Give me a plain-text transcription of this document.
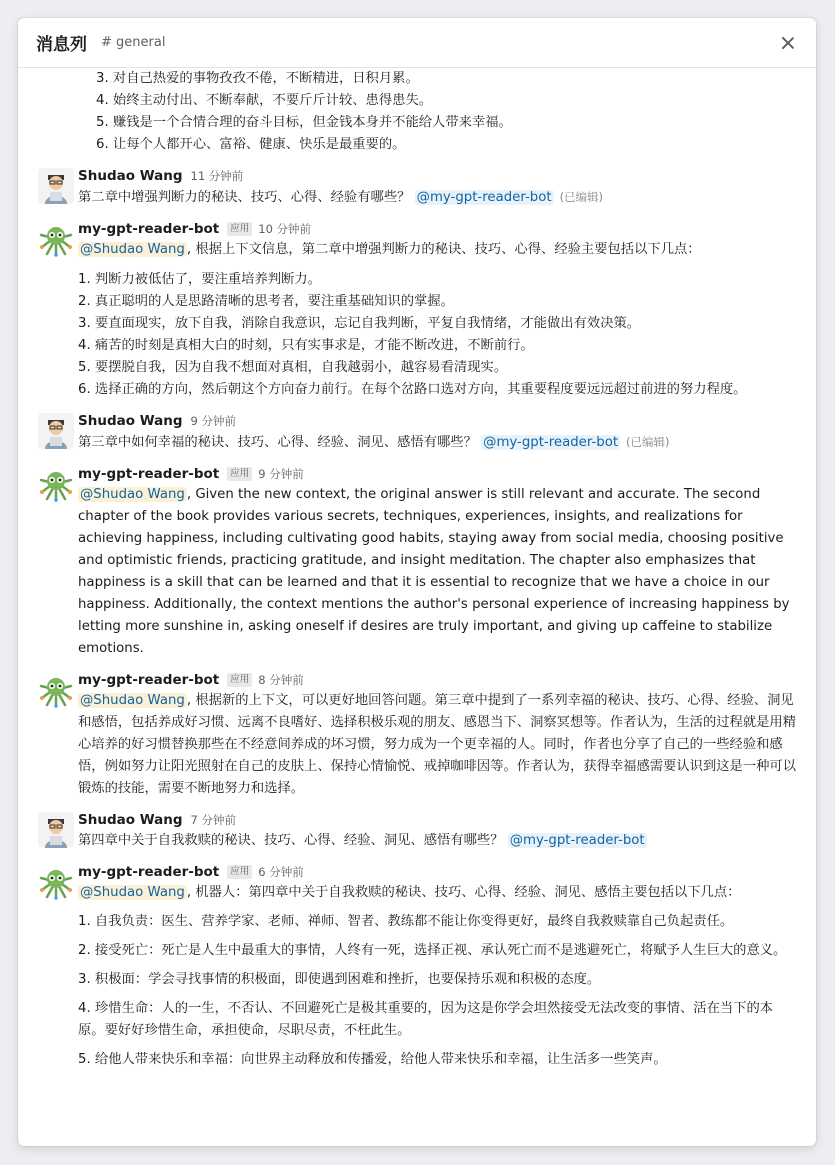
消息列 # general
3. 对自己热爱的事物孜孜不倦，不断精进，日积月累。
4. 始终主动付出、不断奉献，不要斤斤计较、患得患失。
5. 赚钱是一个合情合理的奋斗目标，但金钱本身并不能给人带来幸福。
6. 让每个人都开心、富裕、健康、快乐是最重要的。
Shudao Wang 11 分钟前
第二章中增强判断力的秘诀、技巧、心得、经验有哪些？ @my-gpt-reader-bot (已编辑)
my-gpt-reader-bot	应用 10 分钟前
@Shudao Wang , 根据上下文信息，第二章中增强判断力的秘诀、技巧、心得、经验主要包括以下几点：
1. 判断力被低估了，要注重培养判断力。
2. 真正聪明的人是思路清晰的思考者，要注重基础知识的掌握。
3. 要直面现实，放下自我，消除自我意识，忘记自我判断，平复自我情绪，才能做出有效决策。
4. 痛苦的时刻是真相大白的时刻，只有实事求是，才能不断改进，不断前行。
5. 要摆脱自我，因为自我不想面对真相，自我越弱小，越容易看清现实。
6. 选择正确的方向，然后朝这个方向奋力前行。在每个岔路口选对方向，其重要程度要远远超过前进的努力程度。
Shudao Wang 9 分钟前
第三章中如何幸福的秘诀、技巧、心得、经验、洞见、感悟有哪些？ @my-gpt-reader-bot (已编辑)
my-gpt-reader-bot	应用 9 分钟前
@Shudao Wang , Given the new context, the original answer is still relevant and accurate. The second chapter of the book provides various secrets, techniques, experiences, insights, and realizations for achieving happiness, including cultivating good habits, staying away from social media, choosing positive and optimistic friends, practicing gratitude, and insight meditation. The chapter also emphasizes that happiness is a skill that can be learned and that it is essential to recognize that we have a choice in our happiness. Additionally, the context mentions the author's personal experience of increasing happiness by letting more sunshine in, asking oneself if desires are truly important, and giving up caffeine to stabilize emotions.
my-gpt-reader-bot	应用 8 分钟前
@Shudao Wang , 根据新的上下文，可以更好地回答问题。第三章中提到了一系列幸福的秘诀、技巧、心得、经验、洞见和感悟，包括养成好习惯、远离不良嗜好、选择积极乐观的朋友、感恩当下、洞察冥想等。作者认为，生活的过程就是用精心培养的好习惯替换那些在不经意间养成的坏习惯，努力成为一个更幸福的人。同时，作者也分享了自己的一些经验和感悟，例如努力让阳光照射在自己的皮肤上、保持心情愉悦、戒掉咖啡因等。作者认为，获得幸福感需要认识到这是一种可以锻炼的技能，需要不断地努力和选择。
Shudao Wang 7 分钟前
第四章中关于自我救赎的秘诀、技巧、心得、经验、洞见、感悟有哪些？ @my-gpt-reader-bot
my-gpt-reader-bot	应用 6 分钟前
@Shudao Wang , 机器人：第四章中关于自我救赎的秘诀、技巧、心得、经验、洞见、感悟主要包括以下几点：
1. 自我负责：医生、营养学家、老师、禅师、智者、教练都不能让你变得更好，最终自我救赎靠自己负起责任。
2. 接受死亡：死亡是人生中最重大的事情，人终有一死，选择正视、承认死亡而不是逃避死亡，将赋予人生巨大的意义。
3. 积极面：学会寻找事情的积极面，即使遇到困难和挫折，也要保持乐观和积极的态度。
4. 珍惜生命：人的一生，不否认、不回避死亡是极其重要的，因为这是你学会坦然接受无法改变的事情、活在当下的本原。要好好珍惜生命，承担使命，尽职尽责，不枉此生。
5. 给他人带来快乐和幸福：向世界主动释放和传播爱，给他人带来快乐和幸福，让生活多一些笑声。
